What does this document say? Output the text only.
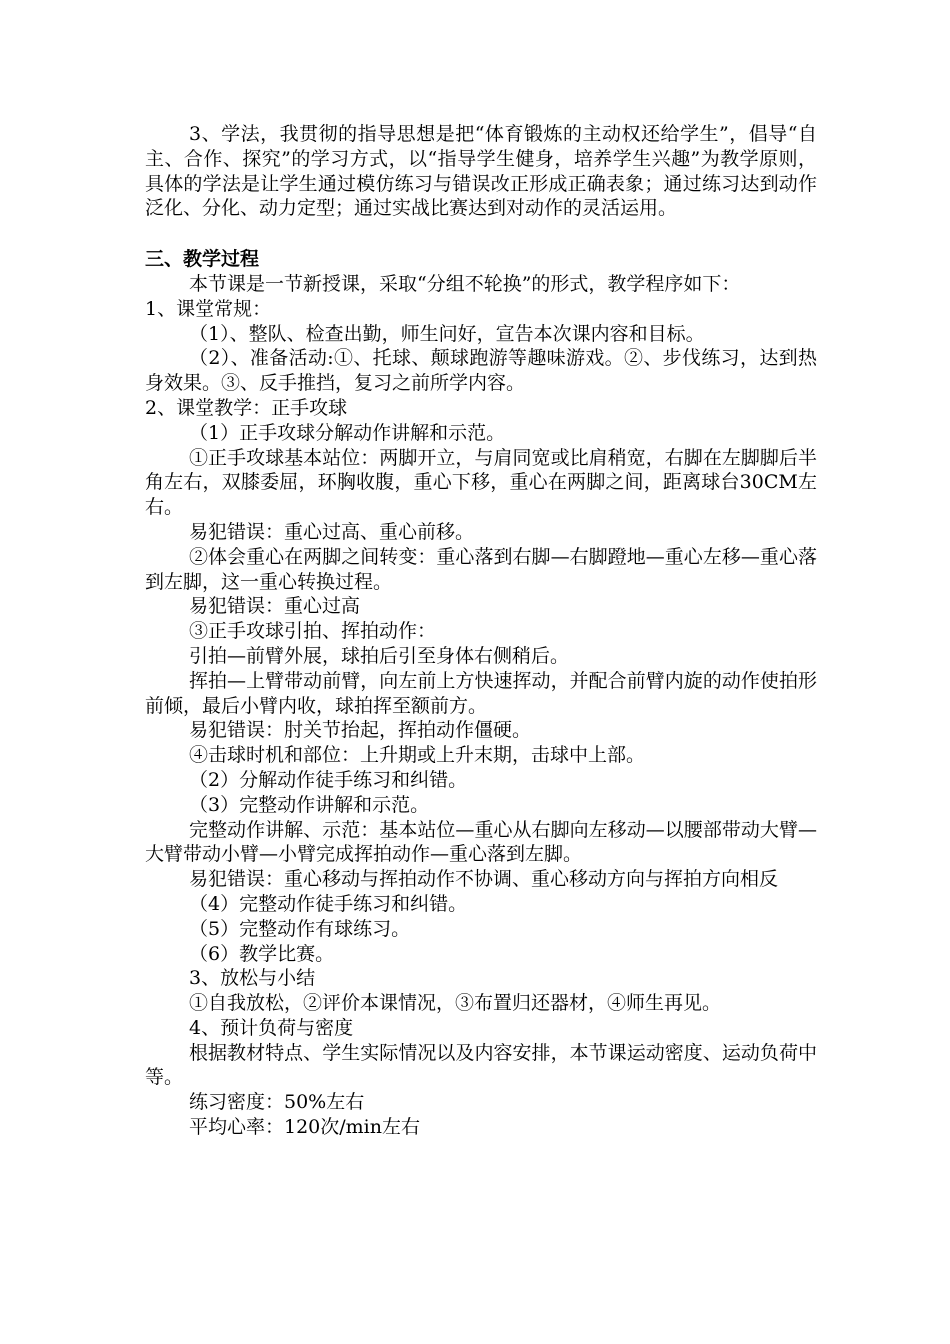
3、学法，我贯彻的指导思想是把“体育锻炼的主动权还给学生”，倡导“自主、合作、探究”的学习方式，以“指导学生健身，培养学生兴趣”为教学原则，具体的学法是让学生通过模仿练习与错误改正形成正确表象；通过练习达到动作泛化、分化、动力定型；通过实战比赛达到对动作的灵活运用。

三、教学过程

本节课是一节新授课，采取“分组不轮换”的形式，教学程序如下：

1、课堂常规：

（1）、整队、检查出勤，师生问好，宣告本次课内容和目标。

（2）、准备活动:①、托球、颠球跑游等趣味游戏。②、步伐练习，达到热身效果。③、反手推挡，复习之前所学内容。

2、课堂教学：正手攻球

（1）正手攻球分解动作讲解和示范。

①正手攻球基本站位：两脚开立，与肩同宽或比肩稍宽，右脚在左脚脚后半角左右，双膝委屈，环胸收腹，重心下移，重心在两脚之间，距离球台30CM左右。

易犯错误：重心过高、重心前移。

②体会重心在两脚之间转变：重心落到右脚—右脚蹬地—重心左移—重心落到左脚，这一重心转换过程。

易犯错误：重心过高

③正手攻球引拍、挥拍动作：

引拍—前臂外展，球拍后引至身体右侧稍后。

挥拍—上臂带动前臂，向左前上方快速挥动，并配合前臂内旋的动作使拍形前倾，最后小臂内收，球拍挥至额前方。

易犯错误：肘关节抬起，挥拍动作僵硬。

④击球时机和部位：上升期或上升末期，击球中上部。

（2）分解动作徒手练习和纠错。

（3）完整动作讲解和示范。

完整动作讲解、示范：基本站位—重心从右脚向左移动—以腰部带动大臂—大臂带动小臂—小臂完成挥拍动作—重心落到左脚。

易犯错误：重心移动与挥拍动作不协调、重心移动方向与挥拍方向相反

（4）完整动作徒手练习和纠错。

（5）完整动作有球练习。

（6）教学比赛。

3、放松与小结

①自我放松，②评价本课情况，③布置归还器材，④师生再见。

4、预计负荷与密度

根据教材特点、学生实际情况以及内容安排，本节课运动密度、运动负荷中等。

练习密度：50%左右

平均心率：120次/min左右
